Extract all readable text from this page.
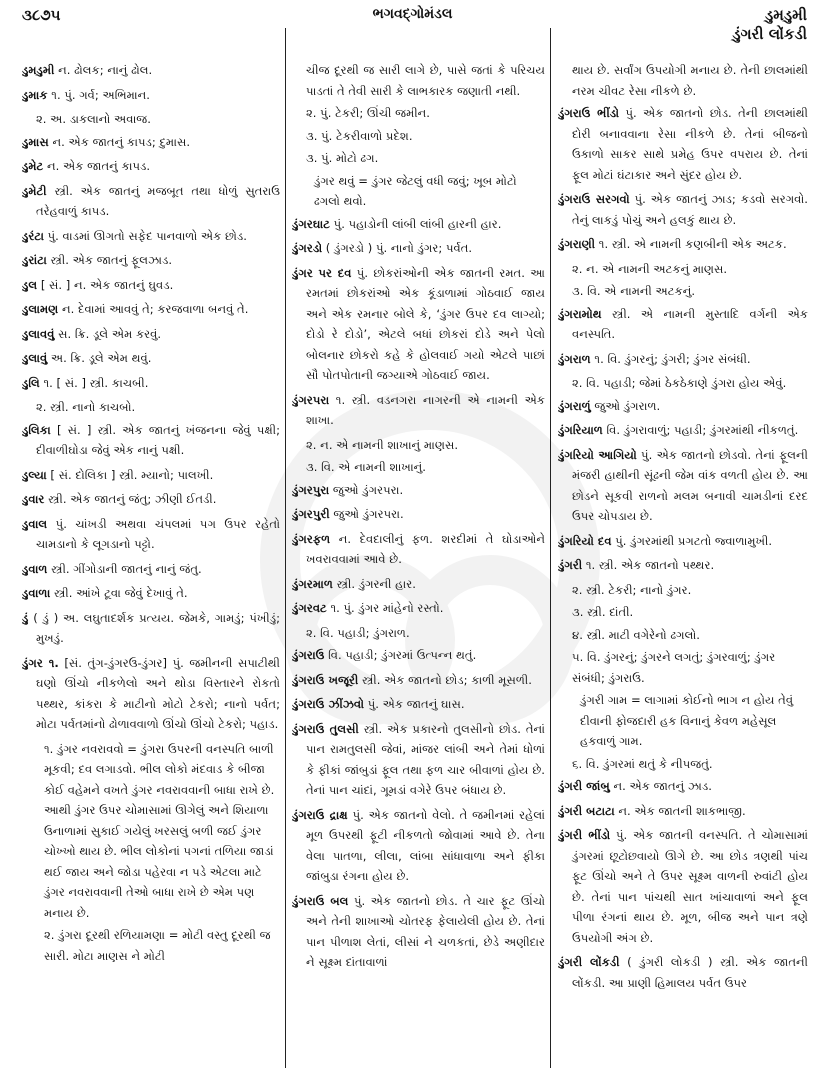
૩૮૭૫	ભગવદ્ગોમંડલ	ડુમડુમી
ડુંગરી લોંકડી
ડુમડુમી ન. ઢોલક; નાનું ઢોલ.
ડુમાક ૧. પું. ગર્વ; અભિમાન.
૨. અ. ડાકલાનો અવાજ.
ડુમાસ ન. એક જાતનું કાપડ; દુમાસ.
ડુમેટ ન. એક જાતનું કાપડ.
ડુમેટી સ્ત્રી. એક જાતનું મજબૂત તથા ધોળું સુતરાઉ તરેહવાળું કાપડ.
ડુરંટા પું. વાડમાં ઊગતો સફેદ પાનવાળો એક છોડ.
ડુરાંટા સ્ત્રી. એક જાતનું ફૂલઝાડ.
ડુલ [ સં. ] ન. એક જાતનું ઘુવડ.
ડુલામણ ન. દેવામાં આવવું તે; કરજવાળા બનવું તે.
ડુલાવવું સ. ક્રિ. ડૂલે એમ કરવું.
ડુલાવું અ. ક્રિ. ડૂલે એમ થવું.
ડુલિ ૧. [ સં. ] સ્ત્રી. કાચબી.
૨. સ્ત્રી. નાનો કાચબો.
ડુલિકા [ સં. ] સ્ત્રી. એક જાતનું ખંજનના જેવું પક્ષી; દીવાળીઘોડા જેવું એક નાનું પક્ષી.
ડુલ્યા [ સં. દોલિકા ] સ્ત્રી. મ્યાનો; પાલખી.
ડુવાર સ્ત્રી. એક જાતનું જંતુ; ઝીણી ઈતડી.
ડુવાલ પું. ચાંખડી અથવા ચંપલમાં પગ ઉપર રહેતો ચામડાનો કે લૂગડાનો પટ્ટો.
ડુવાળ સ્ત્રી. ગીંગોડાની જાતનું નાનું જંતુ.
ડુવાળા સ્ત્રી. આંખે ટૂવા જેવું દેખાવું તે.
ડું ( ડું ) અ. લઘુતાદર્શક પ્રત્યય. જેમકે, ગામડું; પંખીડું; મુખડું.
ડુંગર ૧. [સં. તુંગ-ડુંગરઉ-ડુંગર] પું. જમીનની સપાટીથી ઘણો ઊંચો નીકળેલો અને થોડા વિસ્તારને રોકતો પથ્થર, કાંકરા કે માટીનો મોટો ટેકરો; નાનો પર્વત; મોટા પર્વતમાંનો ઢોળાવવાળો ઊંચો ઊંચો ટેકરો; પહાડ.
૧. ડુંગર નવરાવવો = ડુંગરા ઉપરની વનસ્પતિ બાળી મૂકવી; દવ લગાડવો. ભીલ લોકો મંદવાડ કે બીજા કોઈ વહેમને વખતે ડુંગર નવરાવવાની બાધા રાખે છે. આથી ડુંગર ઉપર ચોમાસામાં ઊગેલું અને શિયાળા ઉનાળામાં સુકાઈ ગયેલું ખરસલું બળી જઈ ડુંગર ચોખ્ખો થાય છે. ભીલ લોકોનાં પગનાં તળિયા જાડાં થઈ જાય અને જોડા પહેરવા ન પડે એટલા માટે ડુંગર નવરાવવાની તેઓ બાધા રાખે છે એમ પણ મનાય છે.
૨. ડુંગરા દૂરથી રળિયામણા = મોટી વસ્તુ દૂરથી જ સારી. મોટા માણસ ને મોટી
ચીજ દૂરથી જ સારી લાગે છે, પાસે જતાં કે પરિચય પાડતાં તે તેવી સારી કે લાભકારક જણાતી નથી.
૨. પું. ટેકરી; ઊંચી જમીન.
૩. પું. ટેકરીવાળો પ્રદેશ.
૩. પું. મોટો ઢગ.
ડુંગર થવું = ડુંગર જેટલું વધી જવું; ખૂબ મોટો ઢગલો થવો.
ડુંગરઘાટ પું. પહાડોની લાંબી લાંબી હારની હાર.
ડુંગરડો ( ડુંગરડો ) પું. નાનો ડુંગર; પર્વત.
ડુંગર પર દવ પું. છોકરાંઓની એક જાતની રમત. આ રમતમાં છોકરાંઓ એક કૂંડાળામાં ગોઠવાઈ જાય અને એક રમનાર બોલે કે, ‘ડુંગર ઉપર દવ લાગ્યો; દોડો રે દોડો’, એટલે બધાં છોકરાં દોડે અને પેલો બોલનાર છોકરો કહે કે હોલવાઈ ગયો એટલે પાછાં સૌ પોતપોતાની જગ્યાએ ગોઠવાઈ જાય.
ડુંગરપરા ૧. સ્ત્રી. વડનગરા નાગરની એ નામની એક શાખા.
૨. ન. એ નામની શાખાનું માણસ.
૩. વિ. એ નામની શાખાનું.
ડુંગરપુરા જુઓ ડુંગરપરા.
ડુંગરપુરી જુઓ ડુંગરપરા.
ડુંગરફળ ન. દેવદાલીનું ફળ. શરદીમાં તે ઘોડાઓને ખવરાવવામાં આવે છે.
ડુંગરમાળ સ્ત્રી. ડુંગરની હાર.
ડુંગરવટ ૧. પું. ડુંગર માંહેનો રસ્તો.
૨. વિ. પહાડી; ડુંગરાળ.
ડુંગરાઉ વિ. પહાડી; ડુંગરમાં ઉત્પન્ન થતું.
ડુંગરાઉ ખજૂરી સ્ત્રી. એક જાતનો છોડ; કાળી મૂસળી.
ડુંગરાઉ ઝીંઝવો પું. એક જાતનું ઘાસ.
ડુંગરાઉ તુલસી સ્ત્રી. એક પ્રકારનો તુલસીનો છોડ. તેનાં પાન રામતુલસી જેવાં, માંજર લાંબી અને તેમાં ધોળાં કે ફીકાં જાંબુડાં ફૂલ તથા ફળ ચાર બીવાળાં હોય છે. તેનાં પાન ચાંદાં, ગૂમડાં વગેરે ઉપર બંધાય છે.
ડુંગરાઉ દ્રાક્ષ પું. એક જાતનો વેલો. તે જમીનમાં રહેલાં મૂળ ઉપરથી ફૂટી નીકળતો જોવામાં આવે છે. તેના વેલા પાતળા, લીલા, લાંબા સાંધાવાળા અને ફીકા જાંબુડા રંગના હોય છે.
ડુંગરાઉ બલ પું. એક જાતનો છોડ. તે ચાર ફૂટ ઊંચો અને તેની શાખાઓ ચોતરફ ફેલાયેલી હોય છે. તેનાં પાન પીળાશ લેતાં, લીસાં ને ચળકતાં, છેડે અણીદાર ને સૂક્ષ્મ દાંતાવાળાં
થાય છે. સર્વાંગ ઉપયોગી મનાય છે. તેની છાલમાંથી નરમ ચીવટ રેસા નીકળે છે.
ડુંગરાઉ ભીંડો પું. એક જાતનો છોડ. તેની છાલમાંથી દોરી બનાવવાના રેસા નીકળે છે. તેનાં બીજનો ઉકાળો સાકર સાથે પ્રમેહ ઉપર વપરાય છે. તેનાં ફૂલ મોટાં ઘંટાકાર અને સુંદર હોય છે.
ડુંગરાઉ સરગવો પું. એક જાતનું ઝાડ; કડવો સરગવો. તેનું લાકડું પોચું અને હલકું થાય છે.
ડુંગરાણી ૧. સ્ત્રી. એ નામની કણબીની એક અટક.
૨. ન. એ નામની અટકનું માણસ.
૩. વિ. એ નામની અટકનું.
ડુંગરામોથ સ્ત્રી. એ નામની મુસ્તાદિ વર્ગની એક વનસ્પતિ.
ડુંગરાળ ૧. વિ. ડુંગરનું; ડુંગરી; ડુંગર સંબંધી.
૨. વિ. પહાડી; જેમાં ઠેકઠેકાણે ડુંગરા હોય એવું.
ડુંગરાળું જુઓ ડુંગરાળ.
ડુંગરિયાળ વિ. ડુંગરાવાળું; પહાડી; ડુંગરમાંથી નીકળતું.
ડુંગરિયો આગિયો પું. એક જાતનો છોડવો. તેનાં ફૂલની મંજરી હાથીની સૂંઢની જેમ વાંક વળતી હોય છે. આ છોડને સૂકવી રાળનો મલમ બનાવી ચામડીનાં દરદ ઉપર ચોપડાય છે.
ડુંગરિયો દવ પું. ડુંગરમાંથી પ્રગટતો જ્વાળામુખી.
ડુંગરી ૧. સ્ત્રી. એક જાતનો પથ્થર.
૨. સ્ત્રી. ટેકરી; નાનો ડુંગર.
૩. સ્ત્રી. દાંતી.
૪. સ્ત્રી. માટી વગેરેનો ઢગલો.
૫. વિ. ડુંગરનું; ડુંગરને લગતું; ડુંગરવાળું; ડુંગર સંબંધી; ડુંગરાઉ.
ડુંગરી ગામ = લાગામાં કોઈનો ભાગ ન હોય તેવું દીવાની ફોજદારી હક વિનાનું કેવળ મહેસૂલ હકવાળું ગામ.
૬. વિ. ડુંગરમાં થતું કે નીપજતું.
ડુંગરી જાંબુ ન. એક જાતનું ઝાડ.
ડુંગરી બટાટા ન. એક જાતની શાકભાજી.
ડુંગરી ભીંડો પું. એક જાતની વનસ્પતિ. તે ચોમાસામાં ડુંગરમાં છૂટોછવાયો ઊગે છે. આ છોડ ત્રણથી પાંચ ફૂટ ઊંચો અને તે ઉપર સૂક્ષ્મ વાળની રુવાંટી હોય છે. તેનાં પાન પાંચથી સાત ખાંચાવાળાં અને ફૂલ પીળા રંગનાં થાય છે. મૂળ, બીજ અને પાન ત્રણે ઉપયોગી અંગ છે.
ડુંગરી લોંકડી ( ડુંગરી લોકડી ) સ્ત્રી. એક જાતની લોંકડી. આ પ્રાણી હિમાલય પર્વત ઉપર
